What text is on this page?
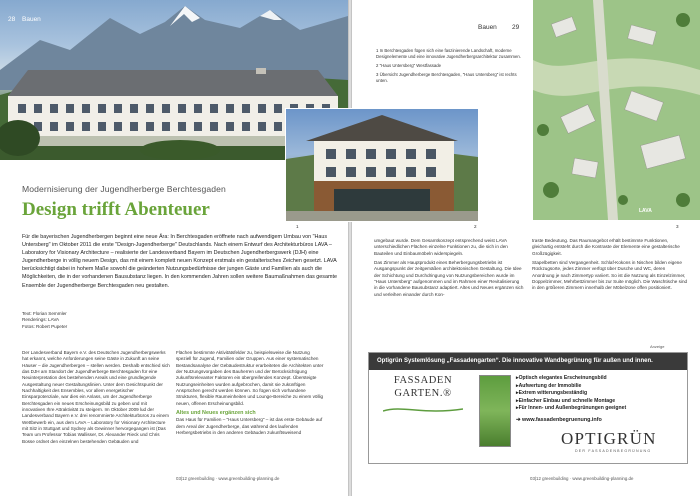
28 Bauen
Modernisierung der Jugendherberge Berchtesgaden
Design trifft Abenteuer
Für die bayerischen Jugendherbergen beginnt eine neue Ära: In Berchtesgaden eröffnete nach aufwendigem Umbau von "Haus Untersberg" im Oktober 2011 die erste "Design-Jugendherberge" Deutschlands. Nach einem Entwurf des Architekturbüros LAVA – Laboratory for Visionary Architecture – realisierte der Landesverband Bayern im Deutschen Jugendherbergswerk (DJH) eine Jugendherberge in völlig neuem Design, das mit einem komplett neuen Konzept erstmals ein gestalterisches Zeichen gesetzt. LAVA berücksichtigt dabei in hohem Maße sowohl die geänderten Nutzungsbedürfnisse der jungen Gäste und Familien als auch die Möglichkeiten, die in der vorhandenen Bausubstanz liegen. In den kommenden Jahren sollen weitere Baumaßnahmen das gesamte Ensemble der Jugendherberge Berchtesgaden neu gestalten.
Text: Florian Semmler
Renderings: LAVA
Fotos: Robert Pupeter

Der Landesverband Bayern e.V. des Deutschen Jugendherbergswerks hat erkannt, welche Anforderungen seine Gäste in Zukunft an seine Häuser – die Jugendherbergen – stellen werden. Deshalb entschied sich das DJH am Standort der Jugendherberge Berchtesgaden für eine Neuinterpretation des bestehenden Areals und eine grundlegende Ausgestaltung neuer Gestaltungslinien. Unter dem Gesichtspunkt der Nachhaltigkeit des Ensembles, vor allem energetischer Einsparpotenziale, war dies ein Anlass, um der Jugendherberge Berchtesgaden ein neues Erscheinungsbild zu geben und mit innovativen Ihre Attraktivität zu steigern. Im Oktober 2009 lud der Landesverband Bayern e.V. drei renommierte Architekturbüros zu einem Wettbewerb ein, aus dem LAVA – Laboratory for Visionary Architecture mit Sitz in Stuttgart und Sydney als Gewinner hervorgegangen ist (Das Team um Professor Tobias Wallisser, Dr. Alexander Rieck und Chris Bosse ordnet den einzelnen bestehenden Gebäuden und

Flächen bestimmte Aktivitätsfelder zu, beispielsweise die Nutzung speziell für Jugend, Familien oder Gruppen. Aus einer systematischen Bestandsanalyse der Gebäudestruktur erarbeiteten die Architekten unter der Nutzungsvorgaben des Bauherren und der Berücksichtigung zukunftsrelevanter Faktoren ein übergreifendes Konzept. Übersteigte Nutzungseinheiten wurden aufgebrochen, damit sie zukünftigen Ansprüchen gerecht werden können. So fügen sich vorhandene Strukturen, flexible Raumeinheiten und Lounge-Bereiche zu einem völlig neuen, offenen Erscheinungsbild.

Altes und Neues ergänzen sich

Das Haus für Familien – "Haus Untersberg" – ist das erste Gebäude auf dem Areal der Jugendherberge, das während des laufenden Herbergsbetriebs in den anderen Gebäuden zukunftsweisend

03|12 greenbuilding · www.greenbuilding-planning.de
Bauen 29
1 In Berchtesgaden fügen sich eine faszinierende Landschaft, moderne Designelemente und eine innovative Jugendherbergsarchitektur zusammen.
2 "Haus Untersberg" Westfassade
3 Übersicht Jugendherberge Berchtesgaden, "Haus Untersberg" ist rechts unten.
2
1
LAVA
3

umgebaut wurde. Dem Gesamtkonzept entsprechend weist LAVA unterschiedlichen Flächen einzelne Funktionen zu, die sich in den Bauteilen und Einbaumöbeln widerspiegeln.

Das Zimmer als Hauptprodukt eines Beherbergungsbetriebs ist Ausgangspunkt der zeitgemäßen architektonischen Gestaltung. Die Idee der Schichtung und Durchdringung von Nutzungsbereichen wurde im "Haus Untersberg" aufgenommen und im Rahmen einer Revitalisierung in die vorhandene Bausubstanz adaptiert. Altes und Neues ergänzen sich und verleihen einander durch Kon-

traste Bedeutung. Das Raumangebot erhält bestimmte Funktionen, gleichartig entsteht durch die Kontraste der Elemente eine gestalterische Großzügigkeit.

Stapelbetten sind Vergangenheit. Schlaf-Kokons in Nischen bilden eigene Rückzugsorte, jedes Zimmer verfügt über Dusche und WC, deren Anordnung je nach Zimmertyp variiert. So ist die Nutzung als Einzelzimmer, Doppelzimmer, Mehrbettzimmer bis zur Suite möglich. Die Waschtische sind in den größeren Zimmern innerhalb der Möbelzone offen positioniert.

Anzeige
Optigrün Systemlösung „Fassadengarten“. Die innovative Wandbegrünung für außen und innen.
FASSADEN
GARTEN.®
▸ Optisch elegantes Erscheinungsbild
▸ Aufwertung der Immobilie
▸ Extrem witterungsbeständig
▸ Einfacher Einbau und schnelle Montage
▸ Für Innen- und Außenbegrünungen geeignet
➔ www.fassadenbegruenung.info
OPTIGRÜN
DER FASSADENBEGRÜNUNG
03|12 greenbuilding · www.greenbuilding-planning.de
